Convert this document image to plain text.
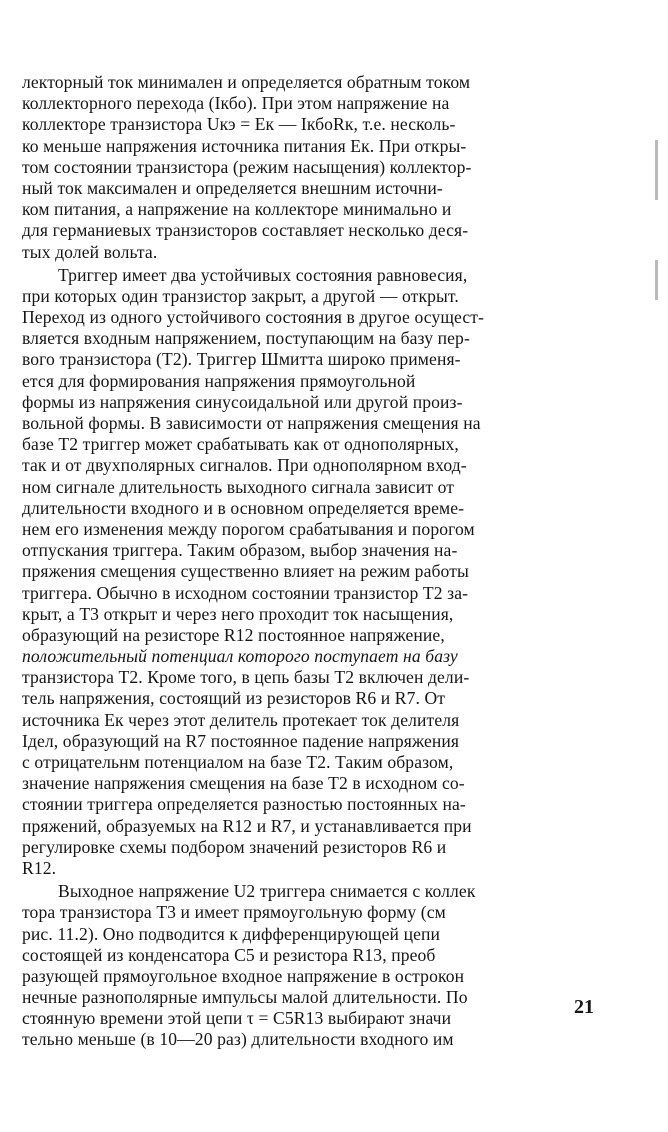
лекторный ток минимален и определяется обратным током
коллекторного перехода (Iкбо). При этом напряжение на
коллекторе транзистора Uкэ = Eк — IкбоRк, т.е. несколь-
ко меньше напряжения источника питания Eк. При откры-
том состоянии транзистора (режим насыщения) коллектор-
ный ток максимален и определяется внешним источни-
ком питания, а напряжение на коллекторе минимально и
для германиевых транзисторов составляет несколько деся-
тых долей вольта.
Триггер имеет два устойчивых состояния равновесия,
при которых один транзистор закрыт, а другой — открыт.
Переход из одного устойчивого состояния в другое осущест-
вляется входным напряжением, поступающим на базу пер-
вого транзистора (T2). Триггер Шмитта широко применя-
ется для формирования напряжения прямоугольной
формы из напряжения синусоидальной или другой произ-
вольной формы. В зависимости от напряжения смещения на
базе T2 триггер может срабатывать как от однополярных,
так и от двухполярных сигналов. При однополярном вход-
ном сигнале длительность выходного сигнала зависит от
длительности входного и в основном определяется време-
нем его изменения между порогом срабатывания и порогом
отпускания триггера. Таким образом, выбор значения на-
пряжения смещения существенно влияет на режим работы
триггера. Обычно в исходном состоянии транзистор T2 за-
крыт, а T3 открыт и через него проходит ток насыщения,
образующий на резисторе R12 постоянное напряжение,
положительный потенциал которого поступает на базу
транзистора T2. Кроме того, в цепь базы T2 включен дели-
тель напряжения, состоящий из резисторов R6 и R7. От
источника Eк через этот делитель протекает ток делителя
Iдел, образующий на R7 постоянное падение напряжения
с отрицательнм потенциалом на базе T2. Таким образом,
значение напряжения смещения на базе T2 в исходном со-
стоянии триггера определяется разностью постоянных на-
пряжений, образуемых на R12 и R7, и устанавливается при
регулировке схемы подбором значений резисторов R6 и
R12.
Выходное напряжение U2 триггера снимается с коллек
тора транзистора T3 и имеет прямоугольную форму (см
рис. 11.2). Оно подводится к дифференцирующей цепи
состоящей из конденсатора C5 и резистора R13, преоб
разующей прямоугольное входное напряжение в острокон
нечные разнополярные импульсы малой длительности. По
стоянную времени этой цепи τ = C5R13 выбирают значи
тельно меньше (в 10—20 раз) длительности входного им
21
